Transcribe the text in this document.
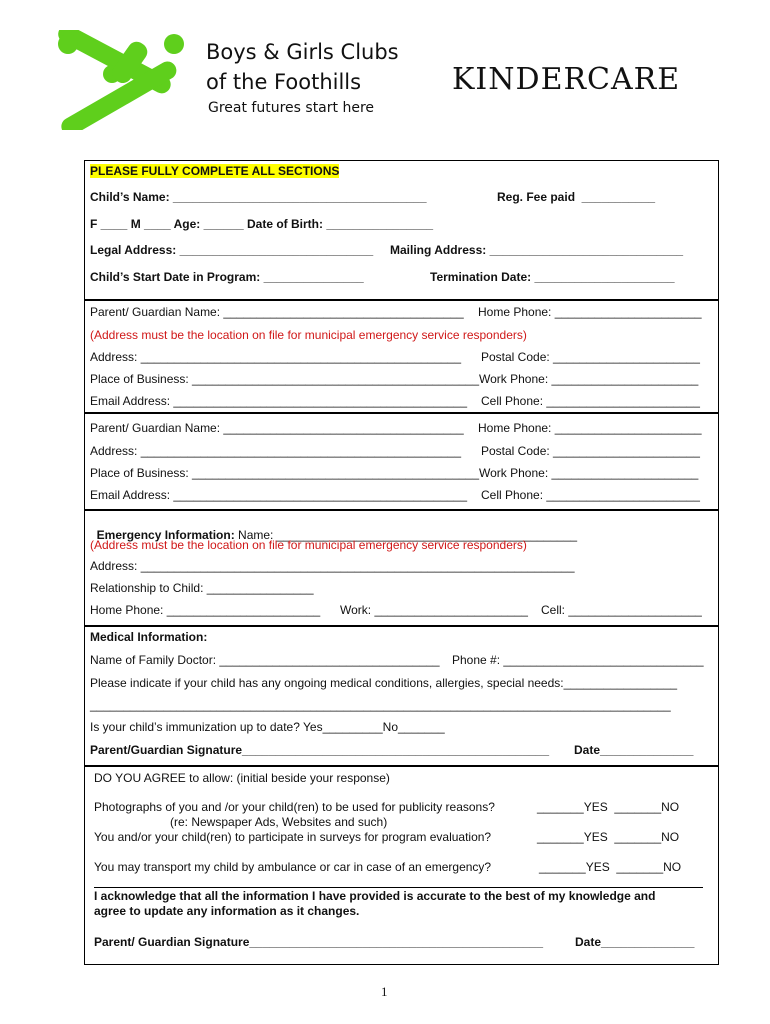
Boys & Girls Clubs
of the Foothills
Great futures start here
KINDERCARE
PLEASE FULLY COMPLETE ALL SECTIONS
Child’s Name: ______________________________________	Reg. Fee paid  ___________
F ____ M ____ Age: ______ Date of Birth: ________________
Legal Address: _____________________________ Mailing Address: _____________________________
Child’s Start Date in Program: _______________	Termination Date: _____________________
Parent/ Guardian Name: ____________________________________ Home Phone: ______________________
(Address must be the location on file for municipal emergency service responders)
Address: ________________________________________________ Postal Code: ______________________
Place of Business: ___________________________________________ Work Phone: ______________________
Email Address: ____________________________________________ Cell Phone: _______________________
Parent/ Guardian Name: ____________________________________ Home Phone: ______________________
Address: ________________________________________________ Postal Code: ______________________
Place of Business: ___________________________________________ Work Phone: ______________________
Email Address: ____________________________________________ Cell Phone: _______________________

Emergency Information: Name: _____________________________________________

(Address must be the location on file for municipal emergency service responders)
Address: _________________________________________________________________
Relationship to Child: ________________
Home Phone: _______________________ Work: _______________________ Cell: ____________________
Medical Information:
Name of Family Doctor: _________________________________ Phone #: ______________________________
Please indicate if your child has any ongoing medical conditions, allergies, special needs:_________________
_______________________________________________________________________________________
Is your child’s immunization up to date? Yes_________No_______
Parent/Guardian Signature______________________________________________ Date______________
DO YOU AGREE to allow: (initial beside your response)
Photographs of you and /or your child(ren) to be used for publicity reasons?
(re: Newspaper Ads, Websites and such)
_______YES  _______NO
You and/or your child(ren) to participate in surveys for program evaluation?	_______YES  _______NO
You may transport my child by ambulance or car in case of an emergency?	_______YES  _______NO
I acknowledge that all the information I have provided is accurate to the best of my knowledge and
agree to update any information as it changes.
Parent/ Guardian Signature____________________________________________	Date______________
1
